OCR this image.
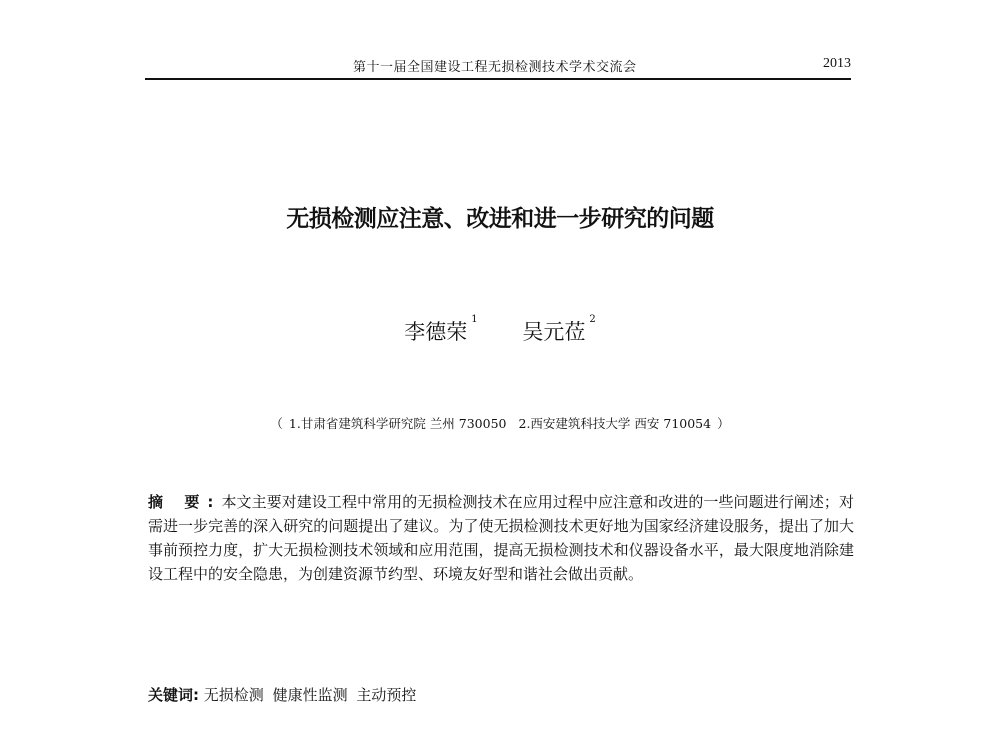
第十一届全国建设工程无损检测技术学术交流会	2013
无损检测应注意、改进和进一步研究的问题
李德荣$^1$ 吴元莅$^2$
（ 1.甘肃省建筑科学研究院 兰州 730050 2.西安建筑科技大学 西安 710054 ）
摘 要:本文主要对建设工程中常用的无损检测技术在应用过程中应注意和改进的一些问题进行阐述；对需进一步完善的深入研究的问题提出了建议。为了使无损检测技术更好地为国家经济建设服务，提出了加大事前预控力度，扩大无损检测技术领域和应用范围，提高无损检测技术和仪器设备水平，最大限度地消除建设工程中的安全隐患，为创建资源节约型、环境友好型和谐社会做出贡献。
关键词: 无损检测 健康性监测 主动预控
